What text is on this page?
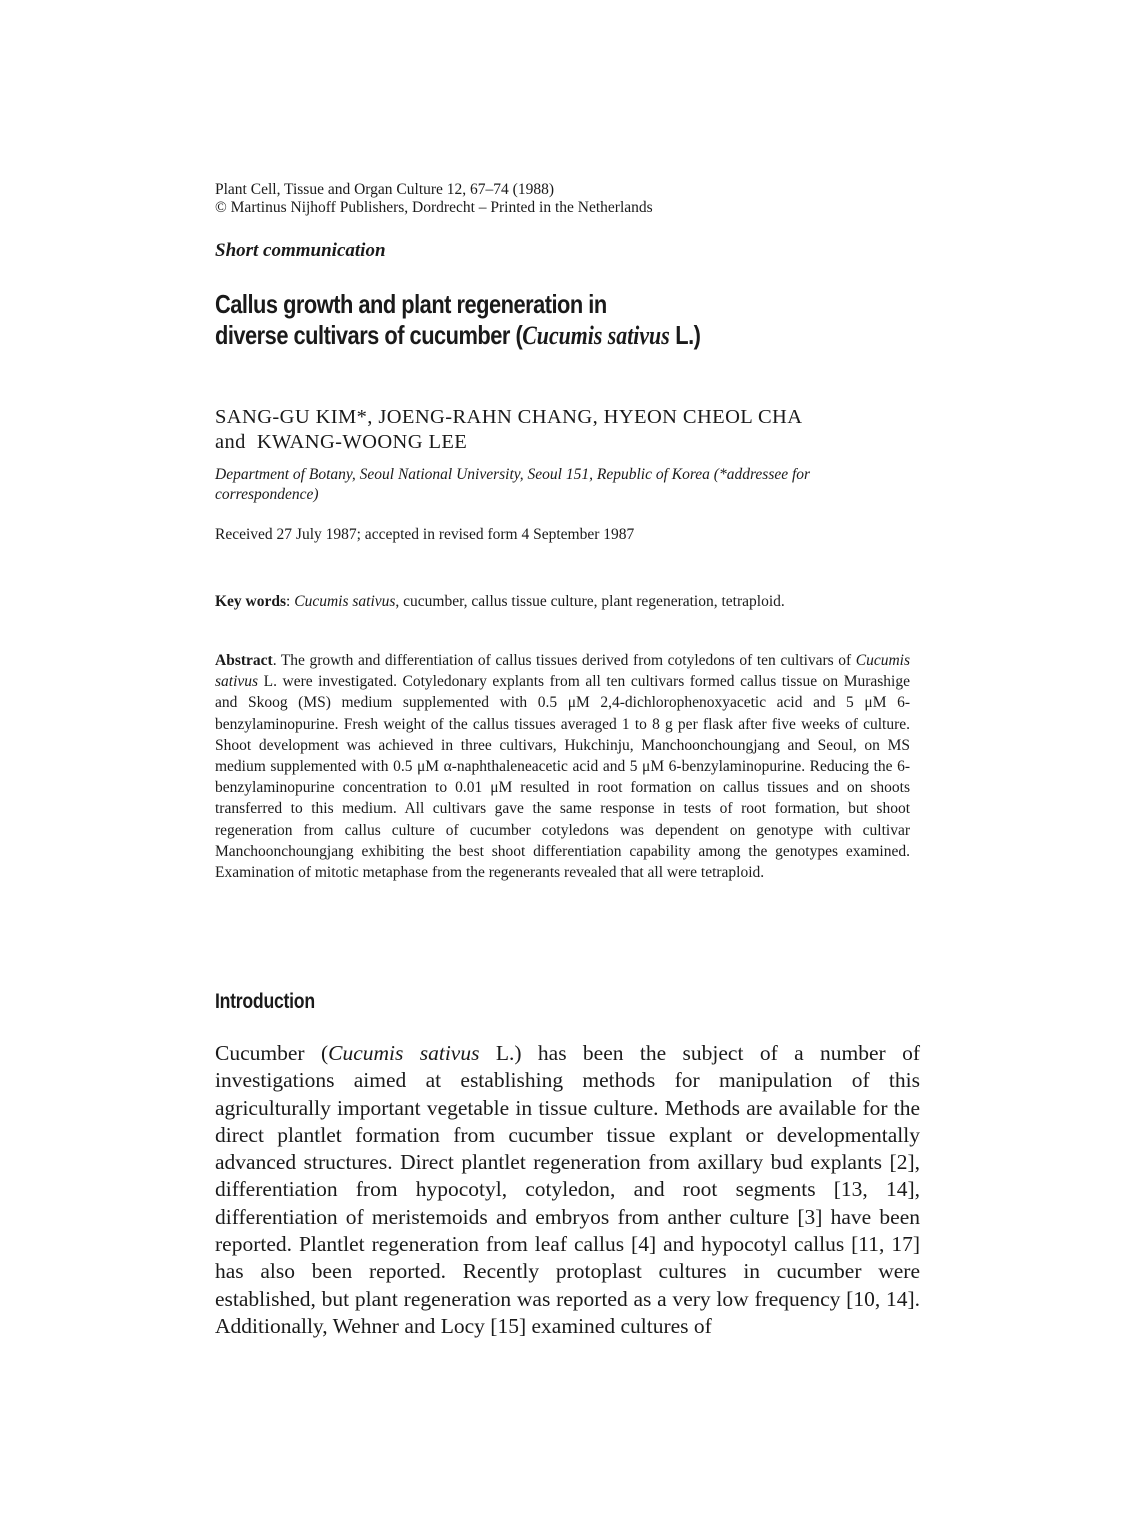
Plant Cell, Tissue and Organ Culture 12, 67–74 (1988)
© Martinus Nijhoff Publishers, Dordrecht – Printed in the Netherlands
Short communication
Callus growth and plant regeneration in
diverse cultivars of cucumber (Cucumis sativus L.)
SANG-GU KIM*, JOENG-RAHN CHANG, HYEON CHEOL CHA
and  KWANG-WOONG LEE
Department of Botany, Seoul National University, Seoul 151, Republic of Korea (*addressee for correspondence)
Received 27 July 1987; accepted in revised form 4 September 1987
Key words: Cucumis sativus, cucumber, callus tissue culture, plant regeneration, tetraploid.
Abstract. The growth and differentiation of callus tissues derived from cotyledons of ten cultivars of Cucumis sativus L. were investigated. Cotyledonary explants from all ten cultivars formed callus tissue on Murashige and Skoog (MS) medium supplemented with 0.5 μM 2,4-dichlorophenoxyacetic acid and 5 μM 6-benzylaminopurine. Fresh weight of the callus tissues averaged 1 to 8 g per flask after five weeks of culture. Shoot development was achieved in three cultivars, Hukchinju, Manchoonchoungjang and Seoul, on MS medium supplemented with 0.5 μM α-naphthaleneacetic acid and 5 μM 6-benzylaminopurine. Reducing the 6-benzylaminopurine concentration to 0.01 μM resulted in root formation on callus tissues and on shoots transferred to this medium. All cultivars gave the same response in tests of root formation, but shoot regeneration from callus culture of cucumber cotyledons was dependent on genotype with cultivar Manchoonchoungjang exhibiting the best shoot differentiation capability among the genotypes examined. Examination of mitotic metaphase from the regenerants revealed that all were tetraploid.
Introduction
Cucumber (Cucumis sativus L.) has been the subject of a number of investigations aimed at establishing methods for manipulation of this agriculturally important vegetable in tissue culture. Methods are available for the direct plantlet formation from cucumber tissue explant or developmentally advanced structures. Direct plantlet regeneration from axillary bud explants [2], differentiation from hypocotyl, cotyledon, and root segments [13, 14], differentiation of meristemoids and embryos from anther culture [3] have been reported. Plantlet regeneration from leaf callus [4] and hypocotyl callus [11, 17] has also been reported. Recently protoplast cultures in cucumber were established, but plant regeneration was reported as a very low frequency [10, 14]. Additionally, Wehner and Locy [15] examined cultures of
